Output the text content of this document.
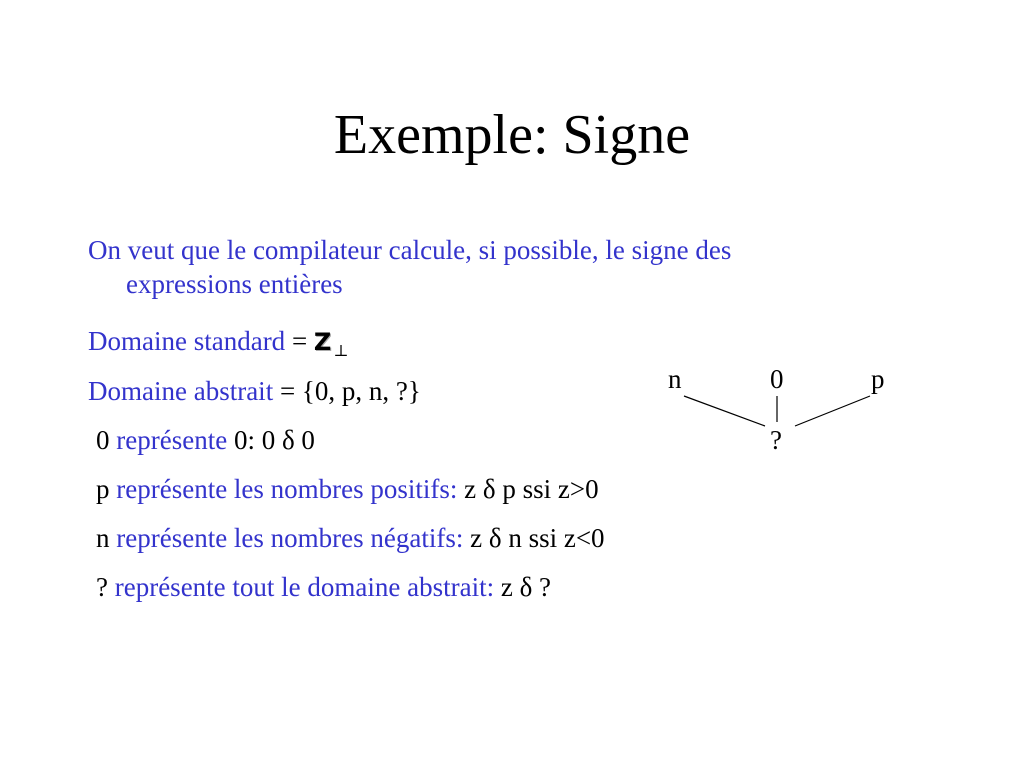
Exemple: Signe
On veut que le compilateur calcule, si possible, le signe des
expressions entières
Domaine standard = Z $_\perp$
Domaine abstrait = {0, p, n, ?}
0 représente 0: 0 δ 0
p représente les nombres positifs: z δ p ssi z>0
n représente les nombres négatifs: z δ n ssi z<0
? représente tout le domaine abstrait: z δ ?
n	0	p
?
